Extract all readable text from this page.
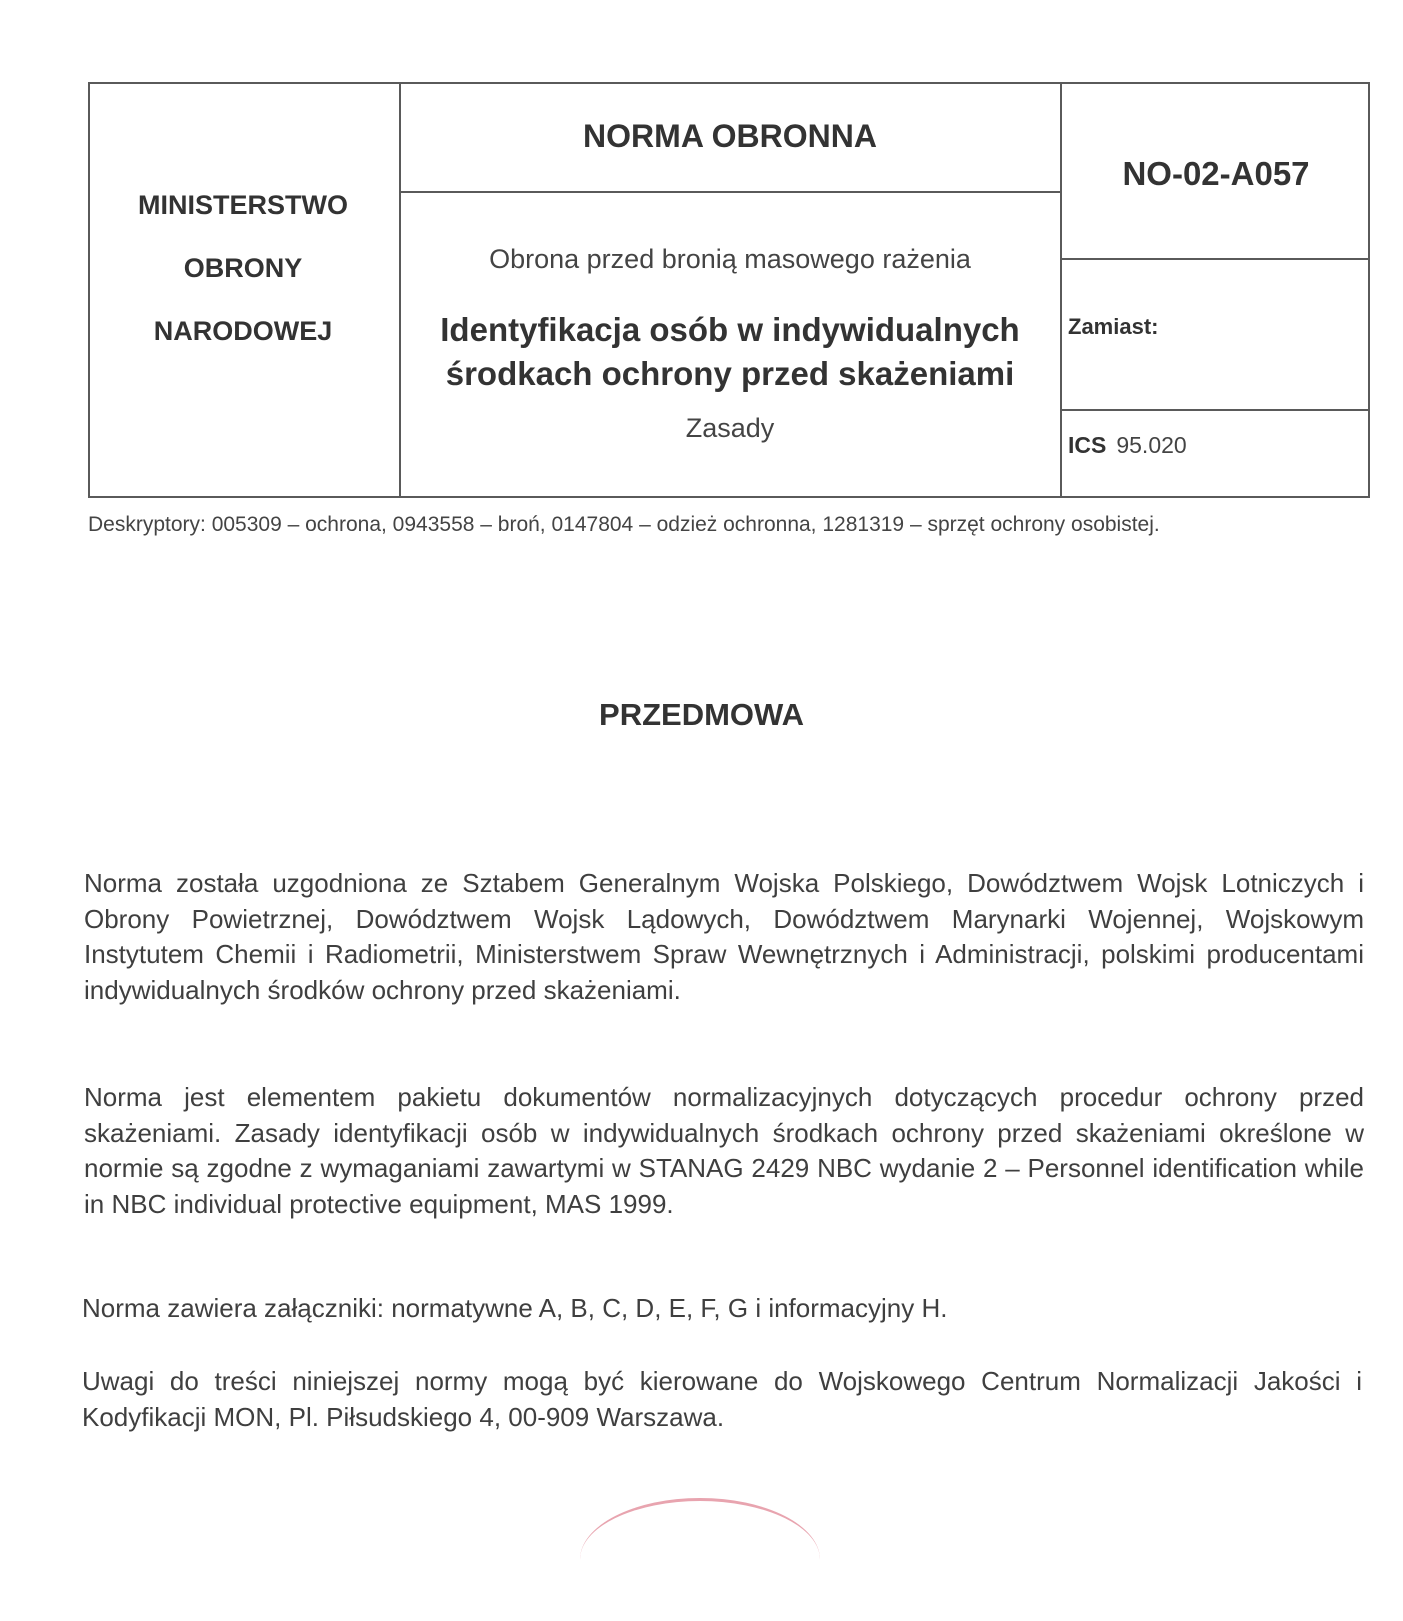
MINISTERSTWO
OBRONY
NARODOWEJ
NORMA OBRONNA
Obrona przed bronią masowego rażenia
Identyfikacja osób w indywidualnych
środkach ochrony przed skażeniami
Zasady
NO-02-A057
Zamiast:
ICS 95.020
Deskryptory: 005309 – ochrona, 0943558 – broń, 0147804 – odzież ochronna, 1281319 – sprzęt ochrony osobistej.
PRZEDMOWA
Norma została uzgodniona ze Sztabem Generalnym Wojska Polskiego, Dowództwem Wojsk Lotniczych i Obrony Powietrznej, Dowództwem Wojsk Lądowych, Dowództwem Marynarki Wojennej, Wojskowym Instytutem Chemii i Radiometrii, Ministerstwem Spraw Wewnętrznych i Administracji, polskimi producentami indywidualnych środków ochrony przed skażeniami.
Norma jest elementem pakietu dokumentów normalizacyjnych dotyczących procedur ochrony przed skażeniami. Zasady identyfikacji osób w indywidualnych środkach ochrony przed skażeniami określone w normie są zgodne z wymaganiami zawartymi w STANAG 2429 NBC wydanie 2 – Personnel identification while in NBC individual protective equipment, MAS 1999.
Norma zawiera załączniki: normatywne A, B, C, D, E, F, G i informacyjny H.
Uwagi do treści niniejszej normy mogą być kierowane do Wojskowego Centrum Normalizacji Jakości i Kodyfikacji MON, Pl. Piłsudskiego 4, 00-909 Warszawa.
